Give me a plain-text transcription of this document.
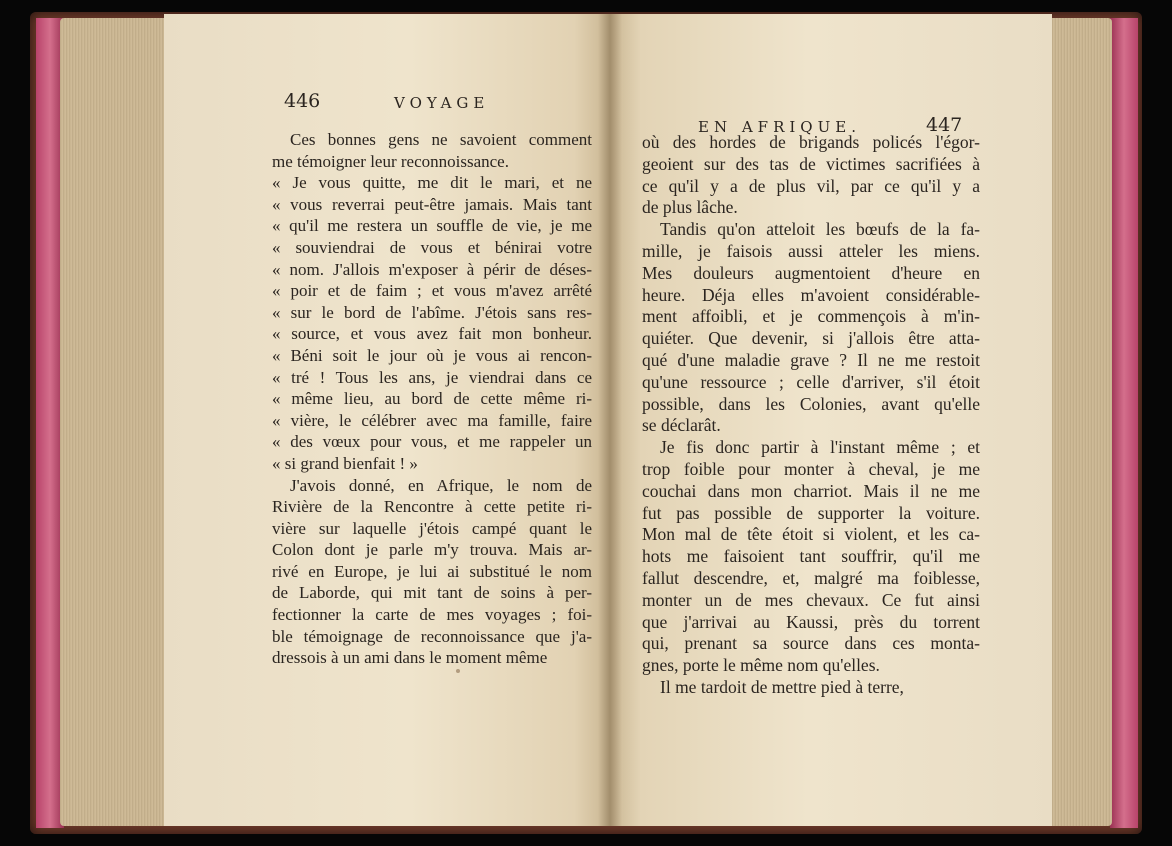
446	VOYAGE
Ces bonnes gens ne savoient comment
me témoigner leur reconnoissance.
« Je vous quitte, me dit le mari, et ne
« vous reverrai peut-être jamais. Mais tant
« qu'il me restera un souffle de vie, je me
« souviendrai de vous et bénirai votre
« nom. J'allois m'exposer à périr de déses-
« poir et de faim ; et vous m'avez arrêté
« sur le bord de l'abîme. J'étois sans res-
« source, et vous avez fait mon bonheur.
« Béni soit le jour où je vous ai rencon-
« tré ! Tous les ans, je viendrai dans ce
« même lieu, au bord de cette même ri-
« vière, le célébrer avec ma famille, faire
« des vœux pour vous, et me rappeler un
« si grand bienfait ! »
J'avois donné, en Afrique, le nom de
Rivière de la Rencontre à cette petite ri-
vière sur laquelle j'étois campé quant le
Colon dont je parle m'y trouva. Mais ar-
rivé en Europe, je lui ai substitué le nom
de Laborde, qui mit tant de soins à per-
fectionner la carte de mes voyages ; foi-
ble témoignage de reconnoissance que j'a-
dressois à un ami dans le moment même
EN AFRIQUE.	447
où des hordes de brigands policés l'égor-
geoient sur des tas de victimes sacrifiées à
ce qu'il y a de plus vil, par ce qu'il y a
de plus lâche.
Tandis qu'on atteloit les bœufs de la fa-
mille, je faisois aussi atteler les miens.
Mes douleurs augmentoient d'heure en
heure. Déja elles m'avoient considérable-
ment affoibli, et je commençois à m'in-
quiéter. Que devenir, si j'allois être atta-
qué d'une maladie grave ? Il ne me restoit
qu'une ressource ; celle d'arriver, s'il étoit
possible, dans les Colonies, avant qu'elle
se déclarât.
Je fis donc partir à l'instant même ; et
trop foible pour monter à cheval, je me
couchai dans mon charriot. Mais il ne me
fut pas possible de supporter la voiture.
Mon mal de tête étoit si violent, et les ca-
hots me faisoient tant souffrir, qu'il me
fallut descendre, et, malgré ma foiblesse,
monter un de mes chevaux. Ce fut ainsi
que j'arrivai au Kaussi, près du torrent
qui, prenant sa source dans ces monta-
gnes, porte le même nom qu'elles.
Il me tardoit de mettre pied à terre,
